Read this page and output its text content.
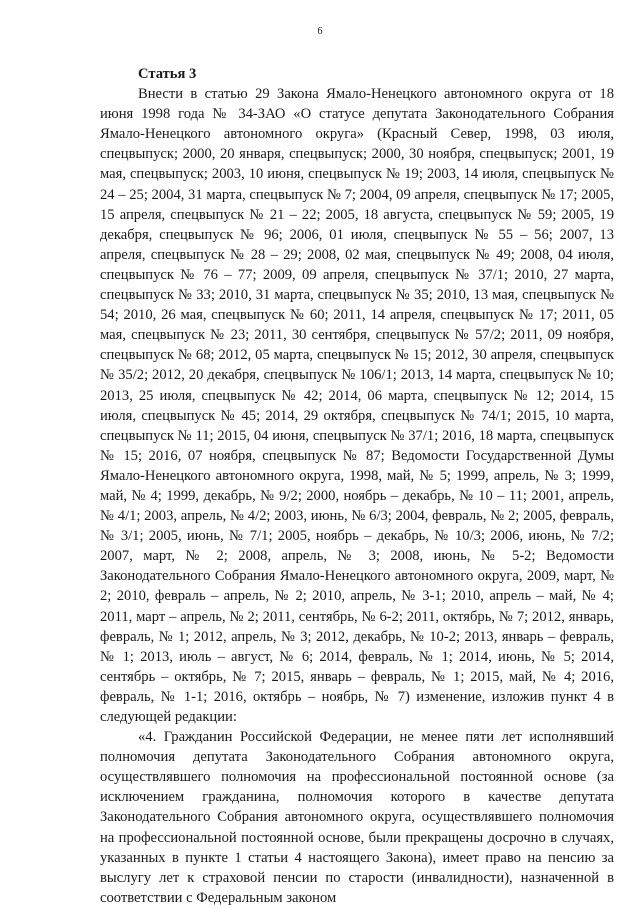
6

Статья 3

Внести в статью 29 Закона Ямало-Ненецкого автономного округа от 18 июня 1998 года № 34-ЗАО «О статусе депутата Законодательного Собрания Ямало-Ненецкого автономного округа» (Красный Север, 1998, 03 июля, спецвыпуск; 2000, 20 января, спецвыпуск; 2000, 30 ноября, спецвыпуск; 2001, 19 мая, спецвыпуск; 2003, 10 июня, спецвыпуск № 19; 2003, 14 июля, спецвыпуск № 24 – 25; 2004, 31 марта, спецвыпуск № 7; 2004, 09 апреля, спецвыпуск № 17; 2005, 15 апреля, спецвыпуск № 21 – 22; 2005, 18 августа, спецвыпуск № 59; 2005, 19 декабря, спецвыпуск № 96; 2006, 01 июля, спецвыпуск № 55 – 56; 2007, 13 апреля, спецвыпуск № 28 – 29; 2008, 02 мая, спецвыпуск № 49; 2008, 04 июля, спецвыпуск № 76 – 77; 2009, 09 апреля, спецвыпуск № 37/1; 2010, 27 марта, спецвыпуск № 33; 2010, 31 марта, спецвыпуск № 35; 2010, 13 мая, спецвыпуск № 54; 2010, 26 мая, спецвыпуск № 60; 2011, 14 апреля, спецвыпуск № 17; 2011, 05 мая, спецвыпуск № 23; 2011, 30 сентября, спецвыпуск № 57/2; 2011, 09 ноября, спецвыпуск № 68; 2012, 05 марта, спецвыпуск № 15; 2012, 30 апреля, спецвыпуск № 35/2; 2012, 20 декабря, спецвыпуск № 106/1; 2013, 14 марта, спецвыпуск № 10; 2013, 25 июля, спецвыпуск № 42; 2014, 06 марта, спецвыпуск № 12; 2014, 15 июля, спецвыпуск № 45; 2014, 29 октября, спецвыпуск № 74/1; 2015, 10 марта, спецвыпуск № 11; 2015, 04 июня, спецвыпуск № 37/1; 2016, 18 марта, спецвыпуск № 15; 2016, 07 ноября, спецвыпуск № 87; Ведомости Государственной Думы Ямало-Ненецкого автономного округа, 1998, май, № 5; 1999, апрель, № 3; 1999, май, № 4; 1999, декабрь, № 9/2; 2000, ноябрь – декабрь, № 10 – 11; 2001, апрель, № 4/1; 2003, апрель, № 4/2; 2003, июнь, № 6/3; 2004, февраль, № 2; 2005, февраль, № 3/1; 2005, июнь, № 7/1; 2005, ноябрь – декабрь, № 10/3; 2006, июнь, № 7/2; 2007, март, № 2; 2008, апрель, № 3; 2008, июнь, № 5-2; Ведомости Законодательного Собрания Ямало-Ненецкого автономного округа, 2009, март, № 2; 2010, февраль – апрель, № 2; 2010, апрель, № 3-1; 2010, апрель – май, № 4; 2011, март – апрель, № 2; 2011, сентябрь, № 6-2; 2011, октябрь, № 7; 2012, январь, февраль, № 1; 2012, апрель, № 3; 2012, декабрь, № 10-2; 2013, январь – февраль, № 1; 2013, июль – август, № 6; 2014, февраль, № 1; 2014, июнь, № 5; 2014, сентябрь – октябрь, № 7; 2015, январь – февраль, № 1; 2015, май, № 4; 2016, февраль, № 1-1; 2016, октябрь – ноябрь, № 7) изменение, изложив пункт 4 в следующей редакции:

«4. Гражданин Российской Федерации, не менее пяти лет исполнявший полномочия депутата Законодательного Собрания автономного округа, осуществлявшего полномочия на профессиональной постоянной основе (за исключением гражданина, полномочия которого в качестве депутата Законодательного Собрания автономного округа, осуществлявшего полномочия на профессиональной постоянной основе, были прекращены досрочно в случаях, указанных в пункте 1 статьи 4 настоящего Закона), имеет право на пенсию за выслугу лет к страховой пенсии по старости (инвалидности), назначенной в соответствии с Федеральным законом
